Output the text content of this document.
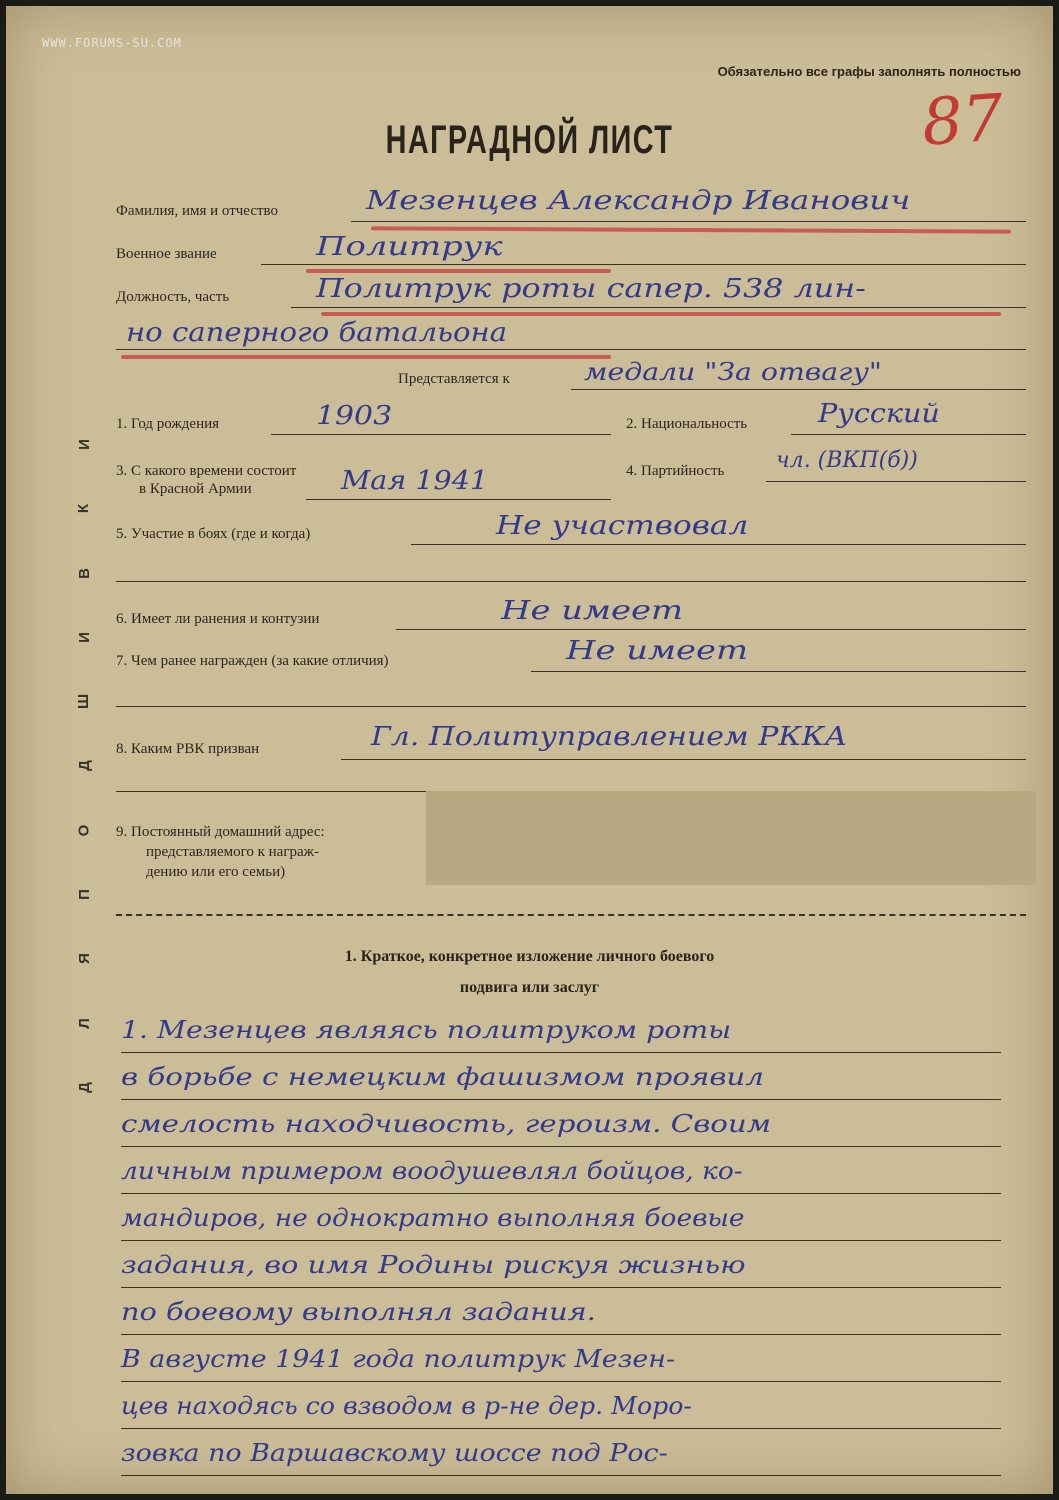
WWW.FORUMS-SU.COM
Обязательно все графы заполнять полностью
87
НАГРАДНОЙ ЛИСТ
И
К
В
И
Ш
Д
О
П
Я
Л
Д
Фамилия, имя и отчество	Мезенцев Александр Иванович
Военное звание	Политрук
Должность, часть	Политрук роты сапер. 538 лин-
но саперного батальона
Представляется к	медали "За отвагу"
1. Год рождения	1903	2. Национальность	Русский
3. С какого времени состоит
в Красной Армии	Мая 1941	4. Партийность чл. (ВКП(б))
5. Участие в боях (где и когда)	Не участвовал
6. Имеет ли ранения и контузии	Не имеет
7. Чем ранее награжден (за какие отличия)	Не имеет
8. Каким РВК призван	Гл. Политуправлением РККА
9. Постоянный домашний адрес:
представляемого к награж-
дению или его семьи)
1. Краткое, конкретное изложение личного боевого
подвига или заслуг
1. Мезенцев являясь политруком роты
в борьбе с немецким фашизмом проявил
смелость находчивость, героизм. Своим
личным примером воодушевлял бойцов, ко-
мандиров, не однократно выполняя боевые
задания, во имя Родины рискуя жизнью
по боевому выполнял задания.
В августе 1941 года политрук Мезен-
цев находясь со взводом в р-не дер. Моро-
зовка по Варшавскому шоссе под Рос-
